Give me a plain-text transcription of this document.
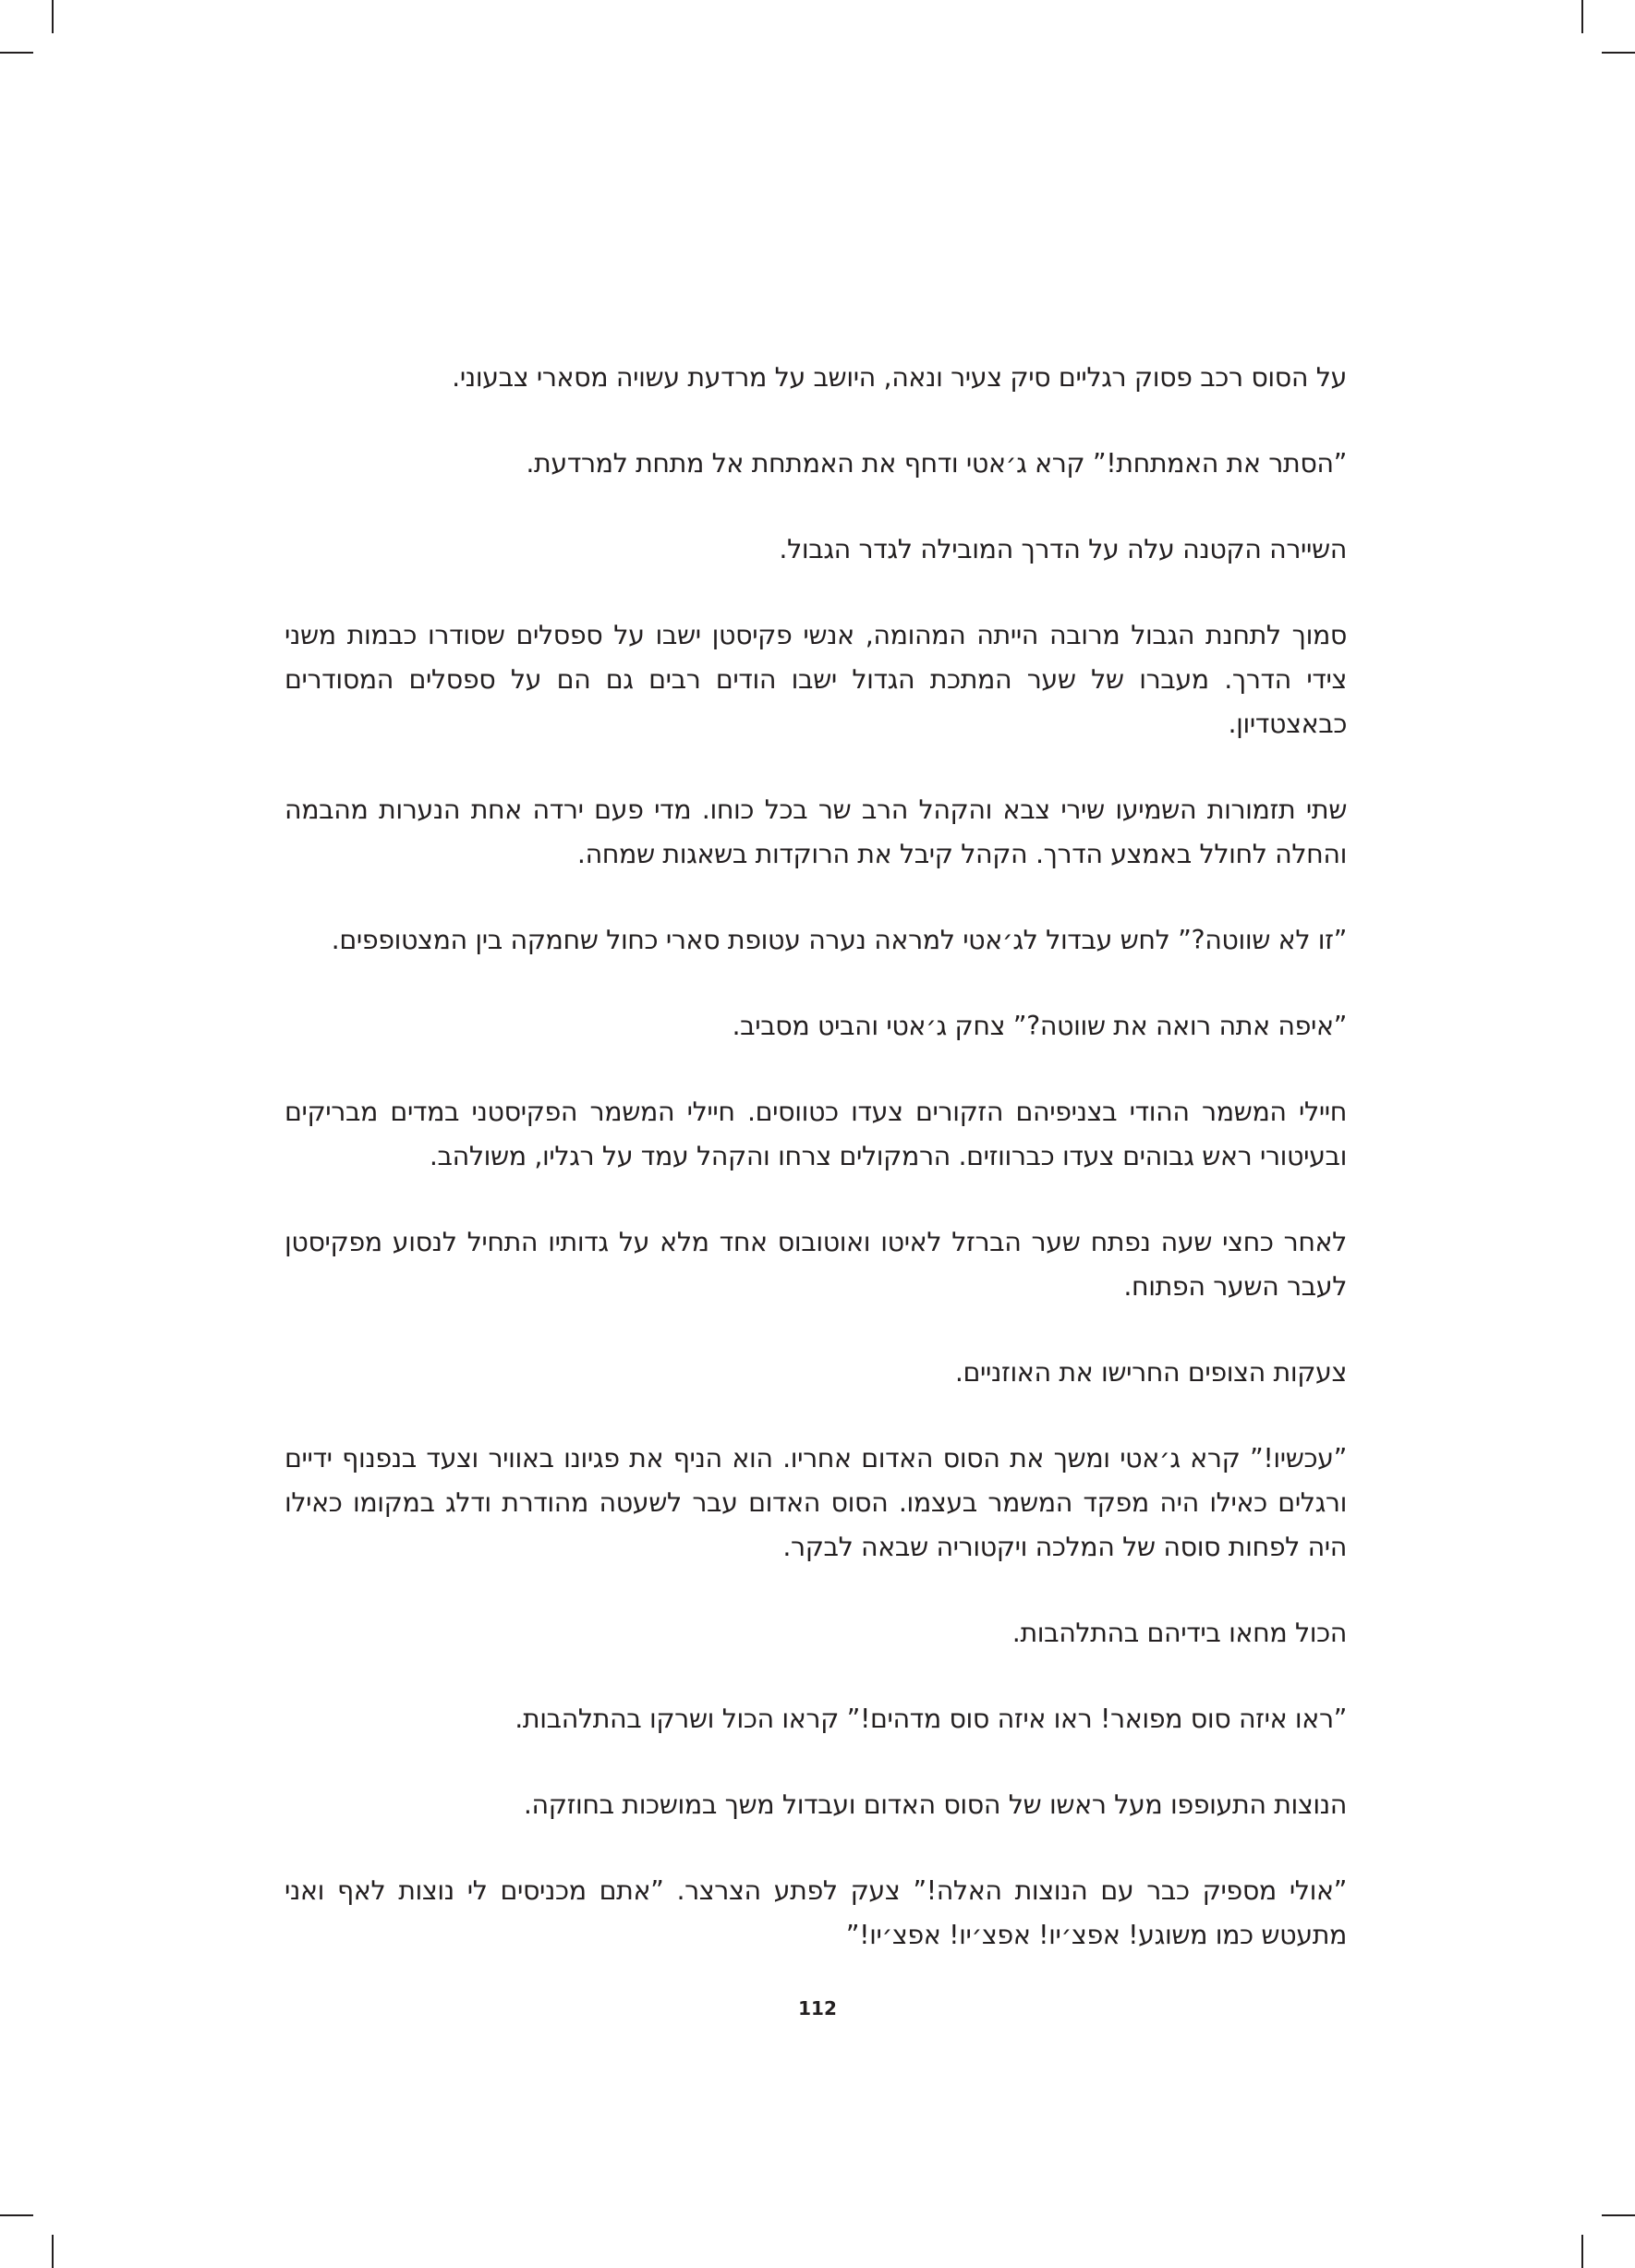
על הסוס רכב פסוק רגליים סיק צעיר ונאה, היושב על מרדעת עשויה מסארי צבעוני.

”הסתר את האמתחת!” קרא ג׳אטי ודחף את האמתחת אל מתחת למרדעת.

השיירה הקטנה עלה על הדרך המובילה לגדר הגבול.

סמוך לתחנת הגבול מרובה הייתה המהומה, אנשי פקיסטן ישבו על ספסלים שסודרו כבמות משני צידי הדרך. מעברו של שער המתכת הגדול ישבו הודים רבים גם הם על ספסלים המסודרים כבאצטדיון.

שתי תזמורות השמיעו שירי צבא והקהל הרב שר בכל כוחו. מדי פעם ירדה אחת הנערות מהבמה והחלה לחולל באמצע הדרך. הקהל קיבל את הרוקדות בשאגות שמחה.

”זו לא שווטה?” לחש עבדול לג׳אטי למראה נערה עטופת סארי כחול שחמקה בין המצטופפים.

”איפה אתה רואה את שווטה?” צחק ג׳אטי והביט מסביב.

חיילי המשמר ההודי בצניפיהם הזקורים צעדו כטווסים. חיילי המשמר הפקיסטני במדים מבריקים ובעיטורי ראש גבוהים צעדו כברווזים. הרמקולים צרחו והקהל עמד על רגליו, משולהב.

לאחר כחצי שעה נפתח שער הברזל לאיטו ואוטובוס אחד מלא על גדותיו התחיל לנסוע מפקיסטן לעבר השער הפתוח.

צעקות הצופים החרישו את האוזניים.

”עכשיו!” קרא ג׳אטי ומשך את הסוס האדום אחריו. הוא הניף את פגיונו באוויר וצעד בנפנוף ידיים ורגלים כאילו היה מפקד המשמר בעצמו. הסוס האדום עבר לשעטה מהודרת ודלג במקומו כאילו היה לפחות סוסה של המלכה ויקטוריה שבאה לבקר.

הכול מחאו בידיהם בהתלהבות.

”ראו איזה סוס מפואר! ראו איזה סוס מדהים!” קראו הכול ושרקו בהתלהבות.

הנוצות התעופפו מעל ראשו של הסוס האדום ועבדול משך במושכות בחוזקה.

”אולי מספיק כבר עם הנוצות האלה!” צעק לפתע הצרצר. ”אתם מכניסים לי נוצות לאף ואני מתעטש כמו משוגע! אפצ׳יו! אפצ׳יו! אפצ׳יו!”

112
